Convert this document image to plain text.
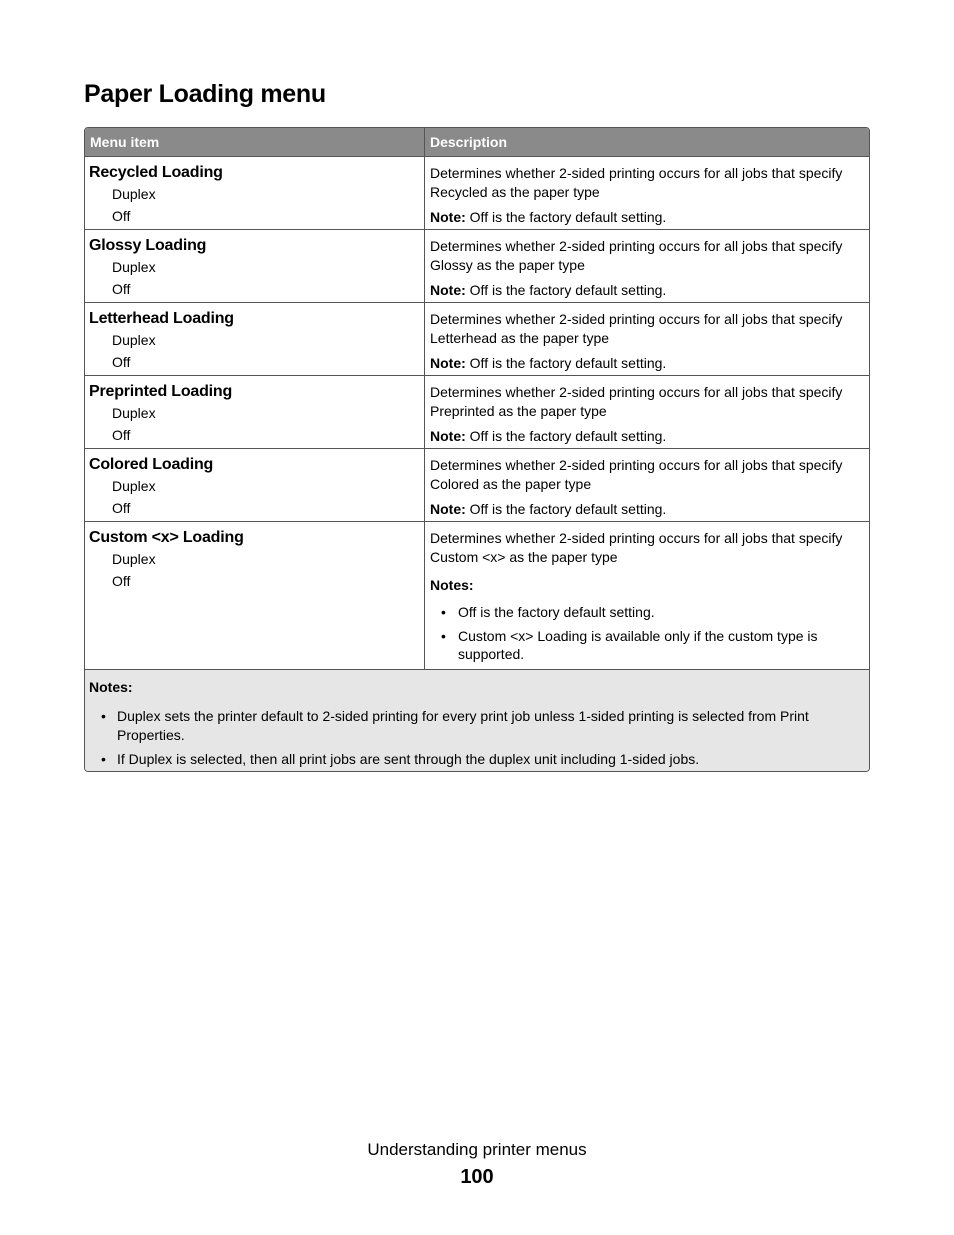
Paper Loading menu
Menu item	Description
Recycled Loading
Duplex
Off
Determines whether 2-sided printing occurs for all jobs that specify Recycled as the paper type
Note: Off is the factory default setting.
Glossy Loading
Duplex
Off
Determines whether 2-sided printing occurs for all jobs that specify Glossy as the paper type
Note: Off is the factory default setting.
Letterhead Loading
Duplex
Off
Determines whether 2-sided printing occurs for all jobs that specify Letterhead as the paper type
Note: Off is the factory default setting.
Preprinted Loading
Duplex
Off
Determines whether 2-sided printing occurs for all jobs that specify Preprinted as the paper type
Note: Off is the factory default setting.
Colored Loading
Duplex
Off
Determines whether 2-sided printing occurs for all jobs that specify Colored as the paper type
Note: Off is the factory default setting.
Custom <x> Loading
Duplex
Off
Determines whether 2-sided printing occurs for all jobs that specify Custom <x> as the paper type
Notes:
• Off is the factory default setting.
• Custom <x> Loading is available only if the custom type is supported.
Notes:
• Duplex sets the printer default to 2-sided printing for every print job unless 1-sided printing is selected from Print Properties.
• If Duplex is selected, then all print jobs are sent through the duplex unit including 1-sided jobs.
Understanding printer menus
100
